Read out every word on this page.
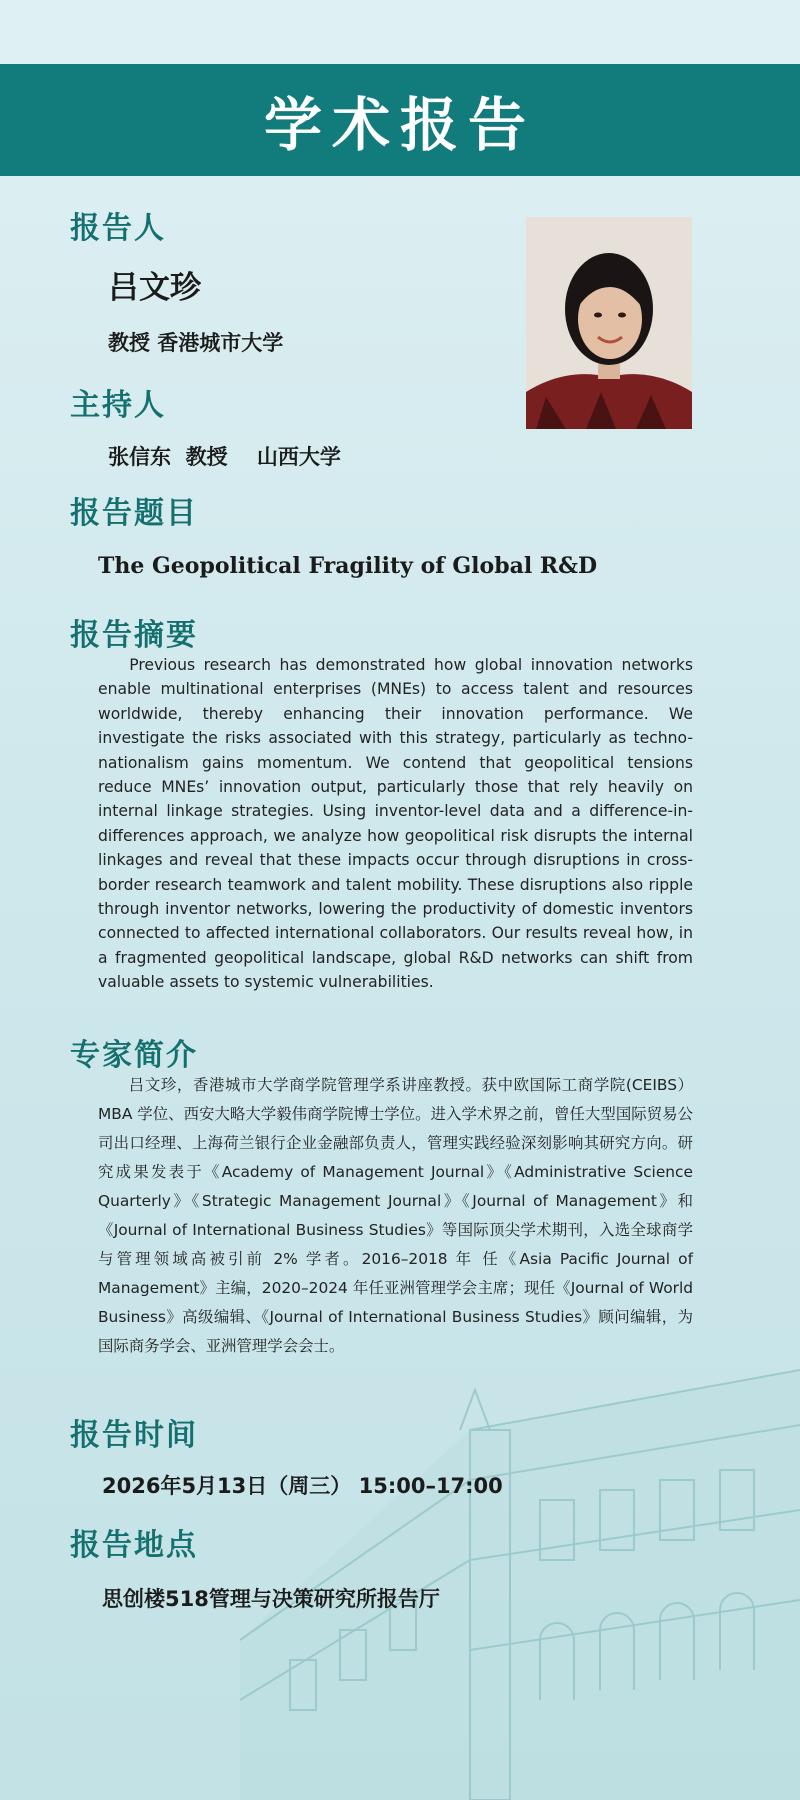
学术报告
报告人
吕文珍
教授 香港城市大学
主持人
张信东  教授    山西大学
报告题目
The Geopolitical Fragility of Global R&D
报告摘要

Previous research has demonstrated how global innovation networks enable multinational enterprises (MNEs) to access talent and resources worldwide, thereby enhancing their innovation performance. We investigate the risks associated with this strategy, particularly as techno-nationalism gains momentum. We contend that geopolitical tensions reduce MNEs’ innovation output, particularly those that rely heavily on internal linkage strategies. Using inventor-level data and a difference-in-differences approach, we analyze how geopolitical risk disrupts the internal linkages and reveal that these impacts occur through disruptions in cross-border research teamwork and talent mobility. These disruptions also ripple through inventor networks, lowering the productivity of domestic inventors connected to affected international collaborators. Our results reveal how, in a fragmented geopolitical landscape, global R&D networks can shift from valuable assets to systemic vulnerabilities.

专家简介

吕文珍，香港城市大学商学院管理学系讲座教授。获中欧国际工商学院(CEIBS）MBA 学位、西安大略大学毅伟商学院博士学位。进入学术界之前，曾任大型国际贸易公司出口经理、上海荷兰银行企业金融部负责人，管理实践经验深刻影响其研究方向。研究成果发表于《Academy of Management Journal》《Administrative Science Quarterly》《Strategic Management Journal》《Journal of Management》和《Journal of International Business Studies》等国际顶尖学术期刊，入选全球商学与管理领域高被引前 2% 学者。2016–2018 年 任《Asia Pacific Journal of Management》主编，2020–2024 年任亚洲管理学会主席；现任《Journal of World Business》高级编辑、《Journal of International Business Studies》顾问编辑，为国际商务学会、亚洲管理学会会士。

报告时间
2026年5月13日（周三） 15:00–17:00
报告地点
思创楼518管理与决策研究所报告厅
